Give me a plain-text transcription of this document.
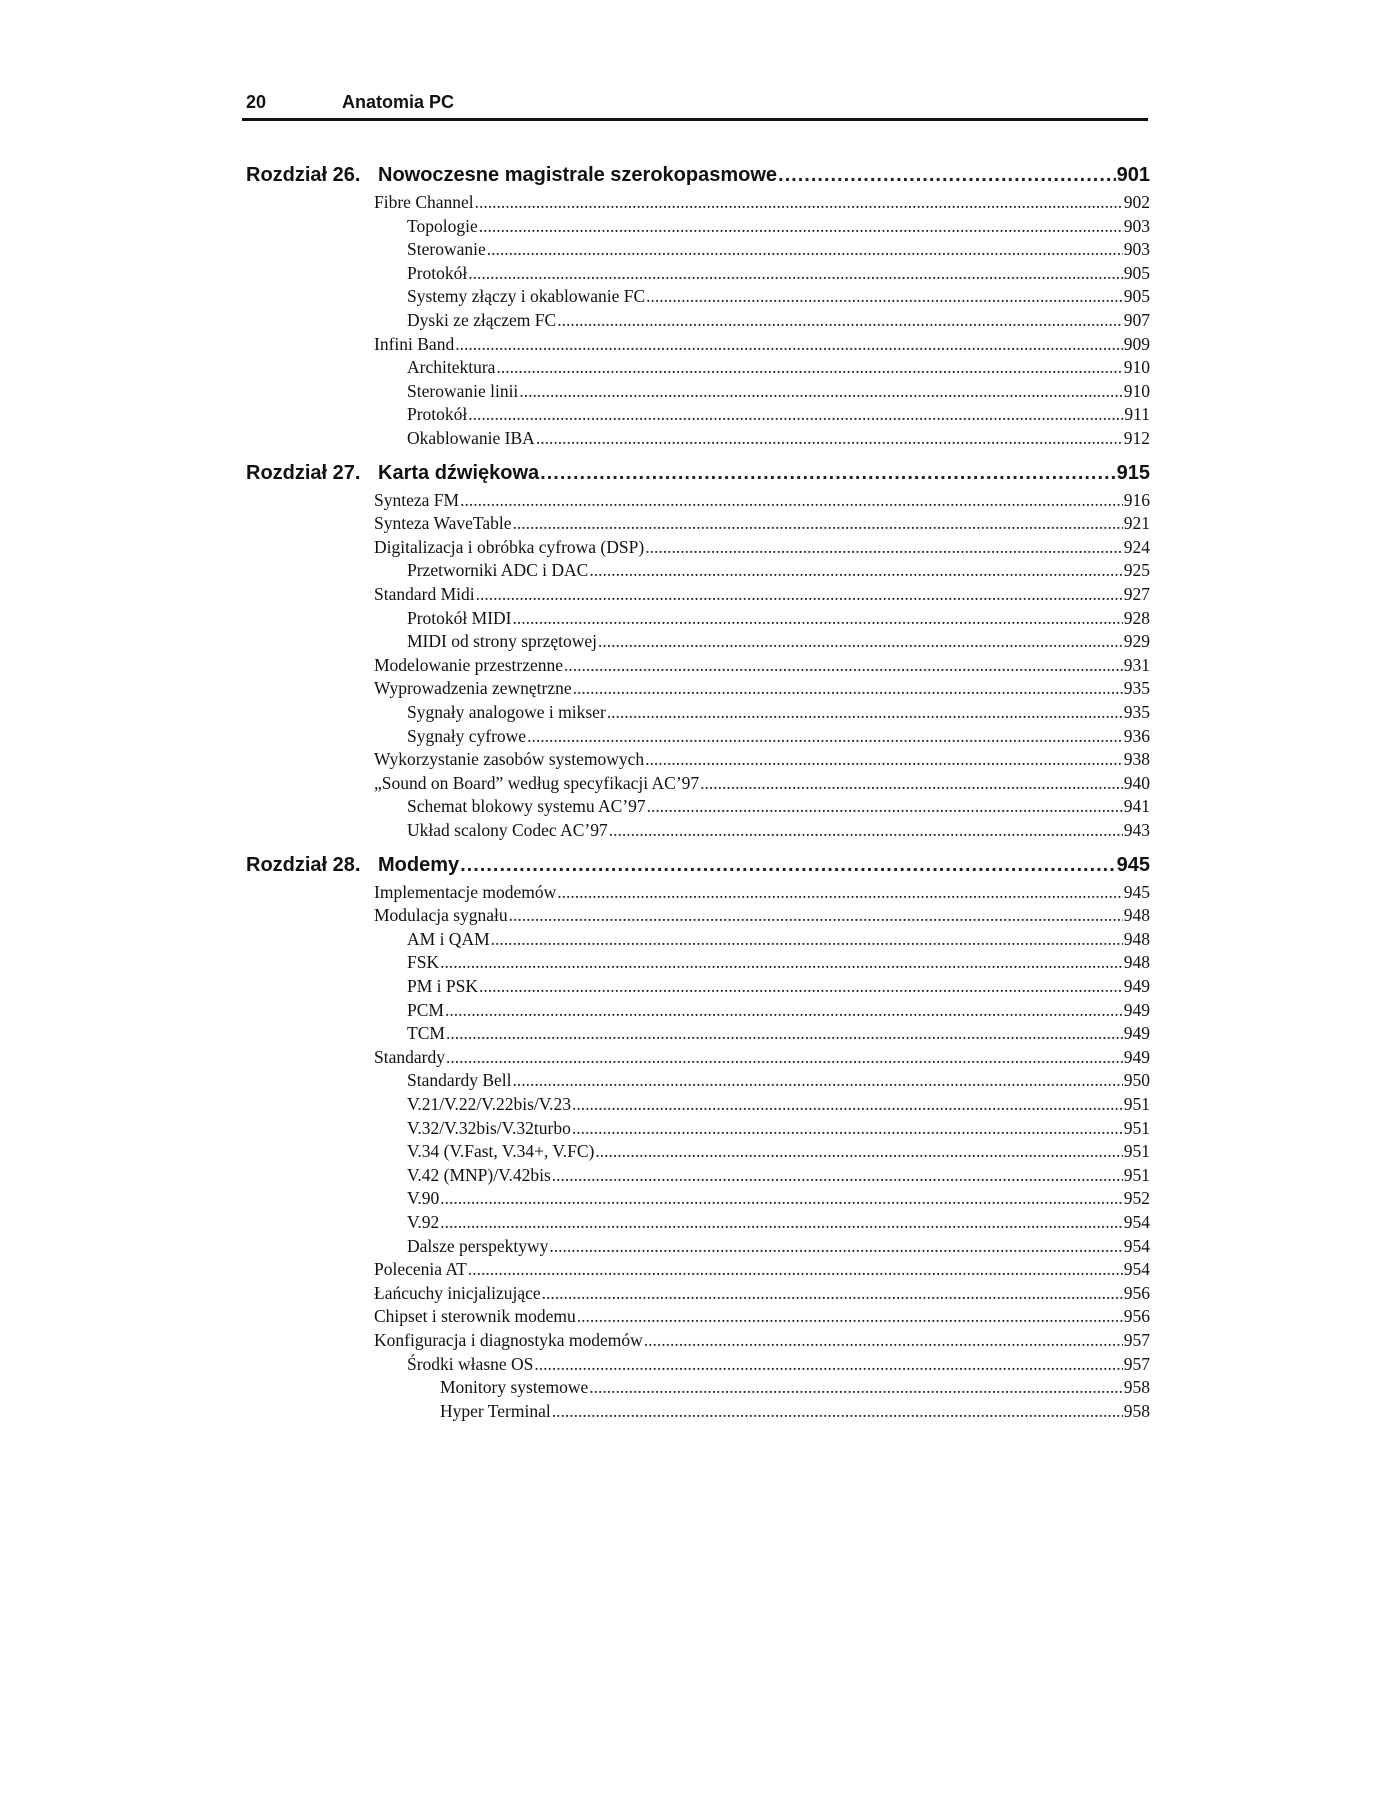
20	Anatomia PC
Rozdział 26. Nowoczesne magistrale szerokopasmowe .....	901
Fibre Channel .....	902
Topologie .....	903
Sterowanie .....	903
Protokół .....	905
Systemy złączy i okablowanie FC .....	905
Dyski ze złączem FC .....	907
Infini Band .....	909
Architektura .....	910
Sterowanie linii .....	910
Protokół .....	911
Okablowanie IBA .....	912
Rozdział 27. Karta dźwiękowa .....	915
Synteza FM .....	916
Synteza WaveTable .....	921
Digitalizacja i obróbka cyfrowa (DSP) .....	924
Przetworniki ADC i DAC .....	925
Standard Midi .....	927
Protokół MIDI .....	928
MIDI od strony sprzętowej .....	929
Modelowanie przestrzenne .....	931
Wyprowadzenia zewnętrzne .....	935
Sygnały analogowe i mikser .....	935
Sygnały cyfrowe .....	936
Wykorzystanie zasobów systemowych .....	938
„Sound on Board” według specyfikacji AC’97 .....	940
Schemat blokowy systemu AC’97 .....	941
Układ scalony Codec AC’97 .....	943
Rozdział 28. Modemy .....	945
Implementacje modemów .....	945
Modulacja sygnału .....	948
AM i QAM .....	948
FSK .....	948
PM i PSK .....	949
PCM .....	949
TCM .....	949
Standardy .....	949
Standardy Bell .....	950
V.21/V.22/V.22bis/V.23 .....	951
V.32/V.32bis/V.32turbo .....	951
V.34 (V.Fast, V.34+, V.FC) .....	951
V.42 (MNP)/V.42bis .....	951
V.90 .....	952
V.92 .....	954
Dalsze perspektywy .....	954
Polecenia AT .....	954
Łańcuchy inicjalizujące .....	956
Chipset i sterownik modemu .....	956
Konfiguracja i diagnostyka modemów .....	957
Środki własne OS .....	957
Monitory systemowe .....	958
Hyper Terminal .....	958
